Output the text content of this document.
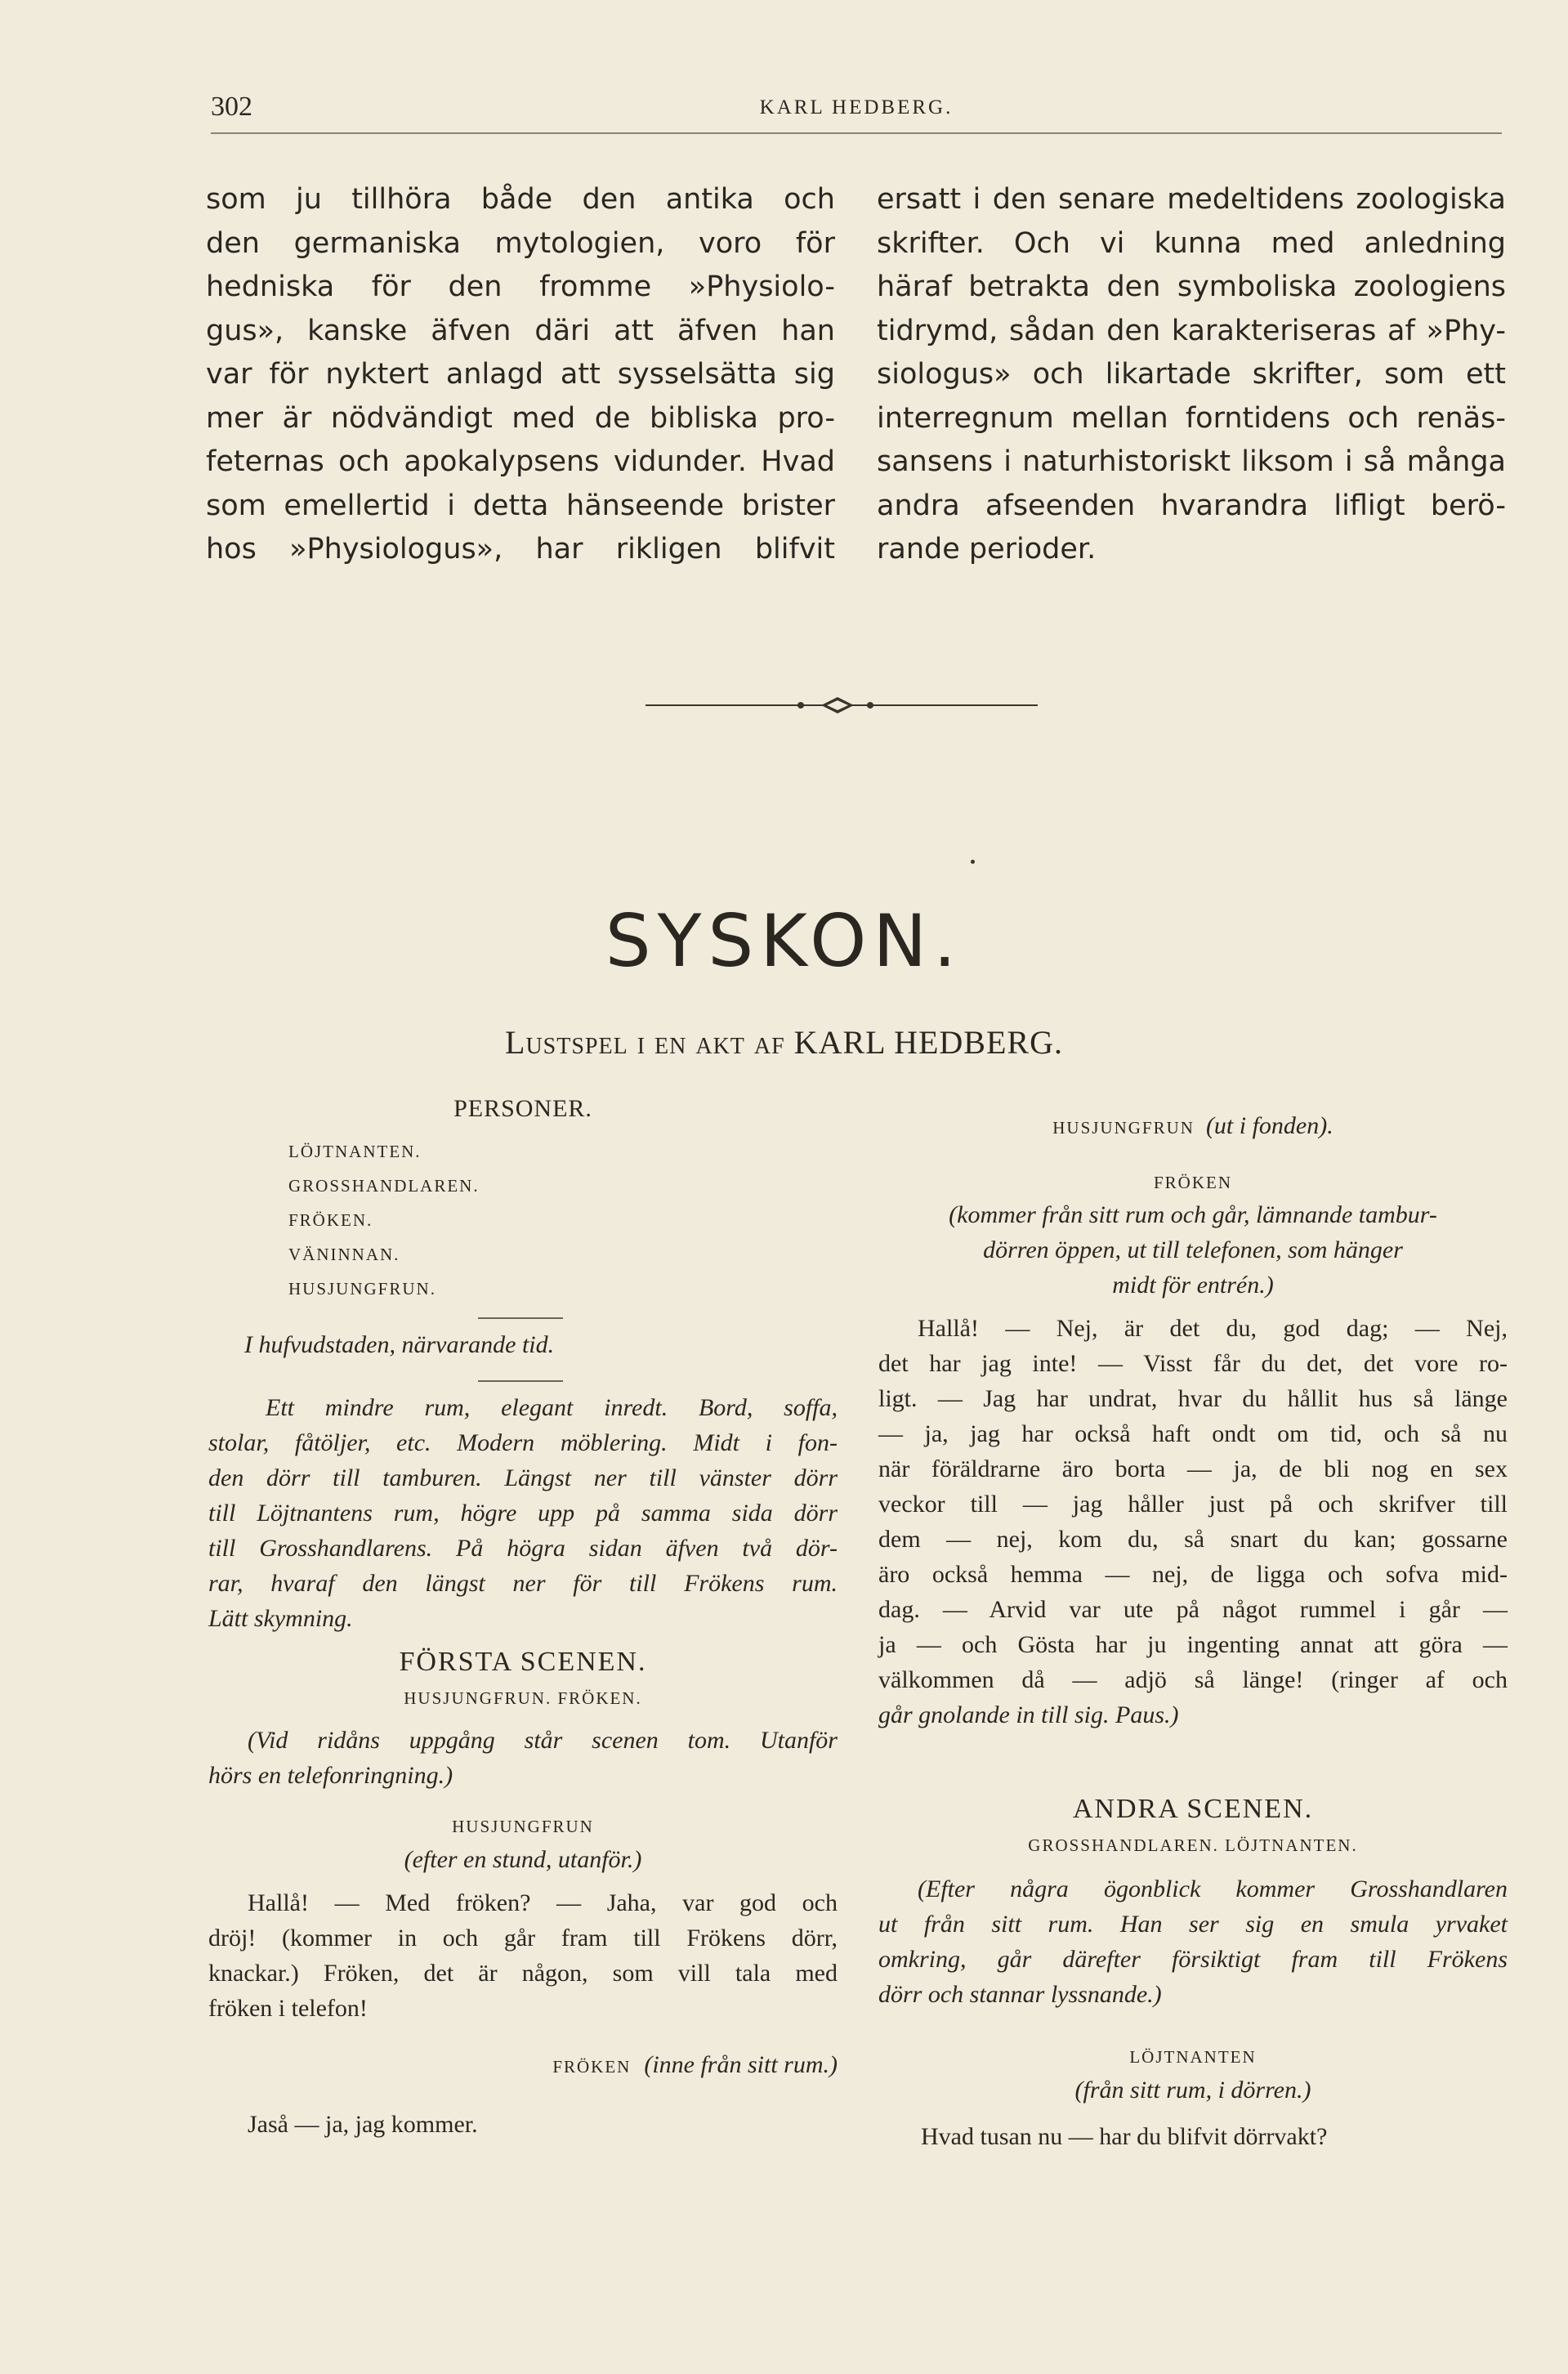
302	KARL HEDBERG.
som ju tillhöra både den antika och
den germaniska mytologien, voro för
hedniska för den fromme »Physiolo-
gus», kanske äfven däri att äfven han
var för nyktert anlagd att sysselsätta sig
mer är nödvändigt med de bibliska pro-
feternas och apokalypsens vidunder. Hvad
som emellertid i detta hänseende brister
hos »Physiologus», har rikligen blifvit
ersatt i den senare medeltidens zoologiska
skrifter. Och vi kunna med anledning
häraf betrakta den symboliska zoologiens
tidrymd, sådan den karakteriseras af »Phy-
siologus» och likartade skrifter, som ett
interregnum mellan forntidens och renäs-
sansens i naturhistoriskt liksom i så många
andra afseenden hvarandra lifligt berö-
rande perioder.
SYSKON.
Lustspel i en akt af KARL HEDBERG.
PERSONER.
LÖJTNANTEN.
GROSSHANDLAREN.
FRÖKEN.
VÄNINNAN.
HUSJUNGFRUN.
I hufvudstaden, närvarande tid.
Ett mindre rum, elegant inredt. Bord, soffa,
stolar, fåtöljer, etc. Modern möblering. Midt i fon-
den dörr till tamburen. Längst ner till vänster dörr
till Löjtnantens rum, högre upp på samma sida dörr
till Grosshandlarens. På högra sidan äfven två dör-
rar, hvaraf den längst ner för till Frökens rum.
Lätt skymning.
FÖRSTA SCENEN.
HUSJUNGFRUN. FRÖKEN.
(Vid ridåns uppgång står scenen tom. Utanför
hörs en telefonringning.)
HUSJUNGFRUN
(efter en stund, utanför.)
Hallå! — Med fröken? — Jaha, var god och
dröj! (kommer in och går fram till Frökens dörr,
knackar.) Fröken, det är någon, som vill tala med
fröken i telefon!
FRÖKEN (inne från sitt rum.)
Jaså — ja, jag kommer.
HUSJUNGFRUN (ut i fonden).
FRÖKEN
(kommer från sitt rum och går, lämnande tambur-
dörren öppen, ut till telefonen, som hänger
midt för entrén.)
Hallå! — Nej, är det du, god dag; — Nej,
det har jag inte! — Visst får du det, det vore ro-
ligt. — Jag har undrat, hvar du hållit hus så länge
— ja, jag har också haft ondt om tid, och så nu
när föräldrarne äro borta — ja, de bli nog en sex
veckor till — jag håller just på och skrifver till
dem — nej, kom du, så snart du kan; gossarne
äro också hemma — nej, de ligga och sofva mid-
dag. — Arvid var ute på något rummel i går —
ja — och Gösta har ju ingenting annat att göra —
välkommen då — adjö så länge! (ringer af och
går gnolande in till sig. Paus.)
ANDRA SCENEN.
GROSSHANDLAREN. LÖJTNANTEN.
(Efter några ögonblick kommer Grosshandlaren
ut från sitt rum. Han ser sig en smula yrvaket
omkring, går därefter försiktigt fram till Frökens
dörr och stannar lyssnande.)
LÖJTNANTEN
(från sitt rum, i dörren.)
Hvad tusan nu — har du blifvit dörrvakt?
